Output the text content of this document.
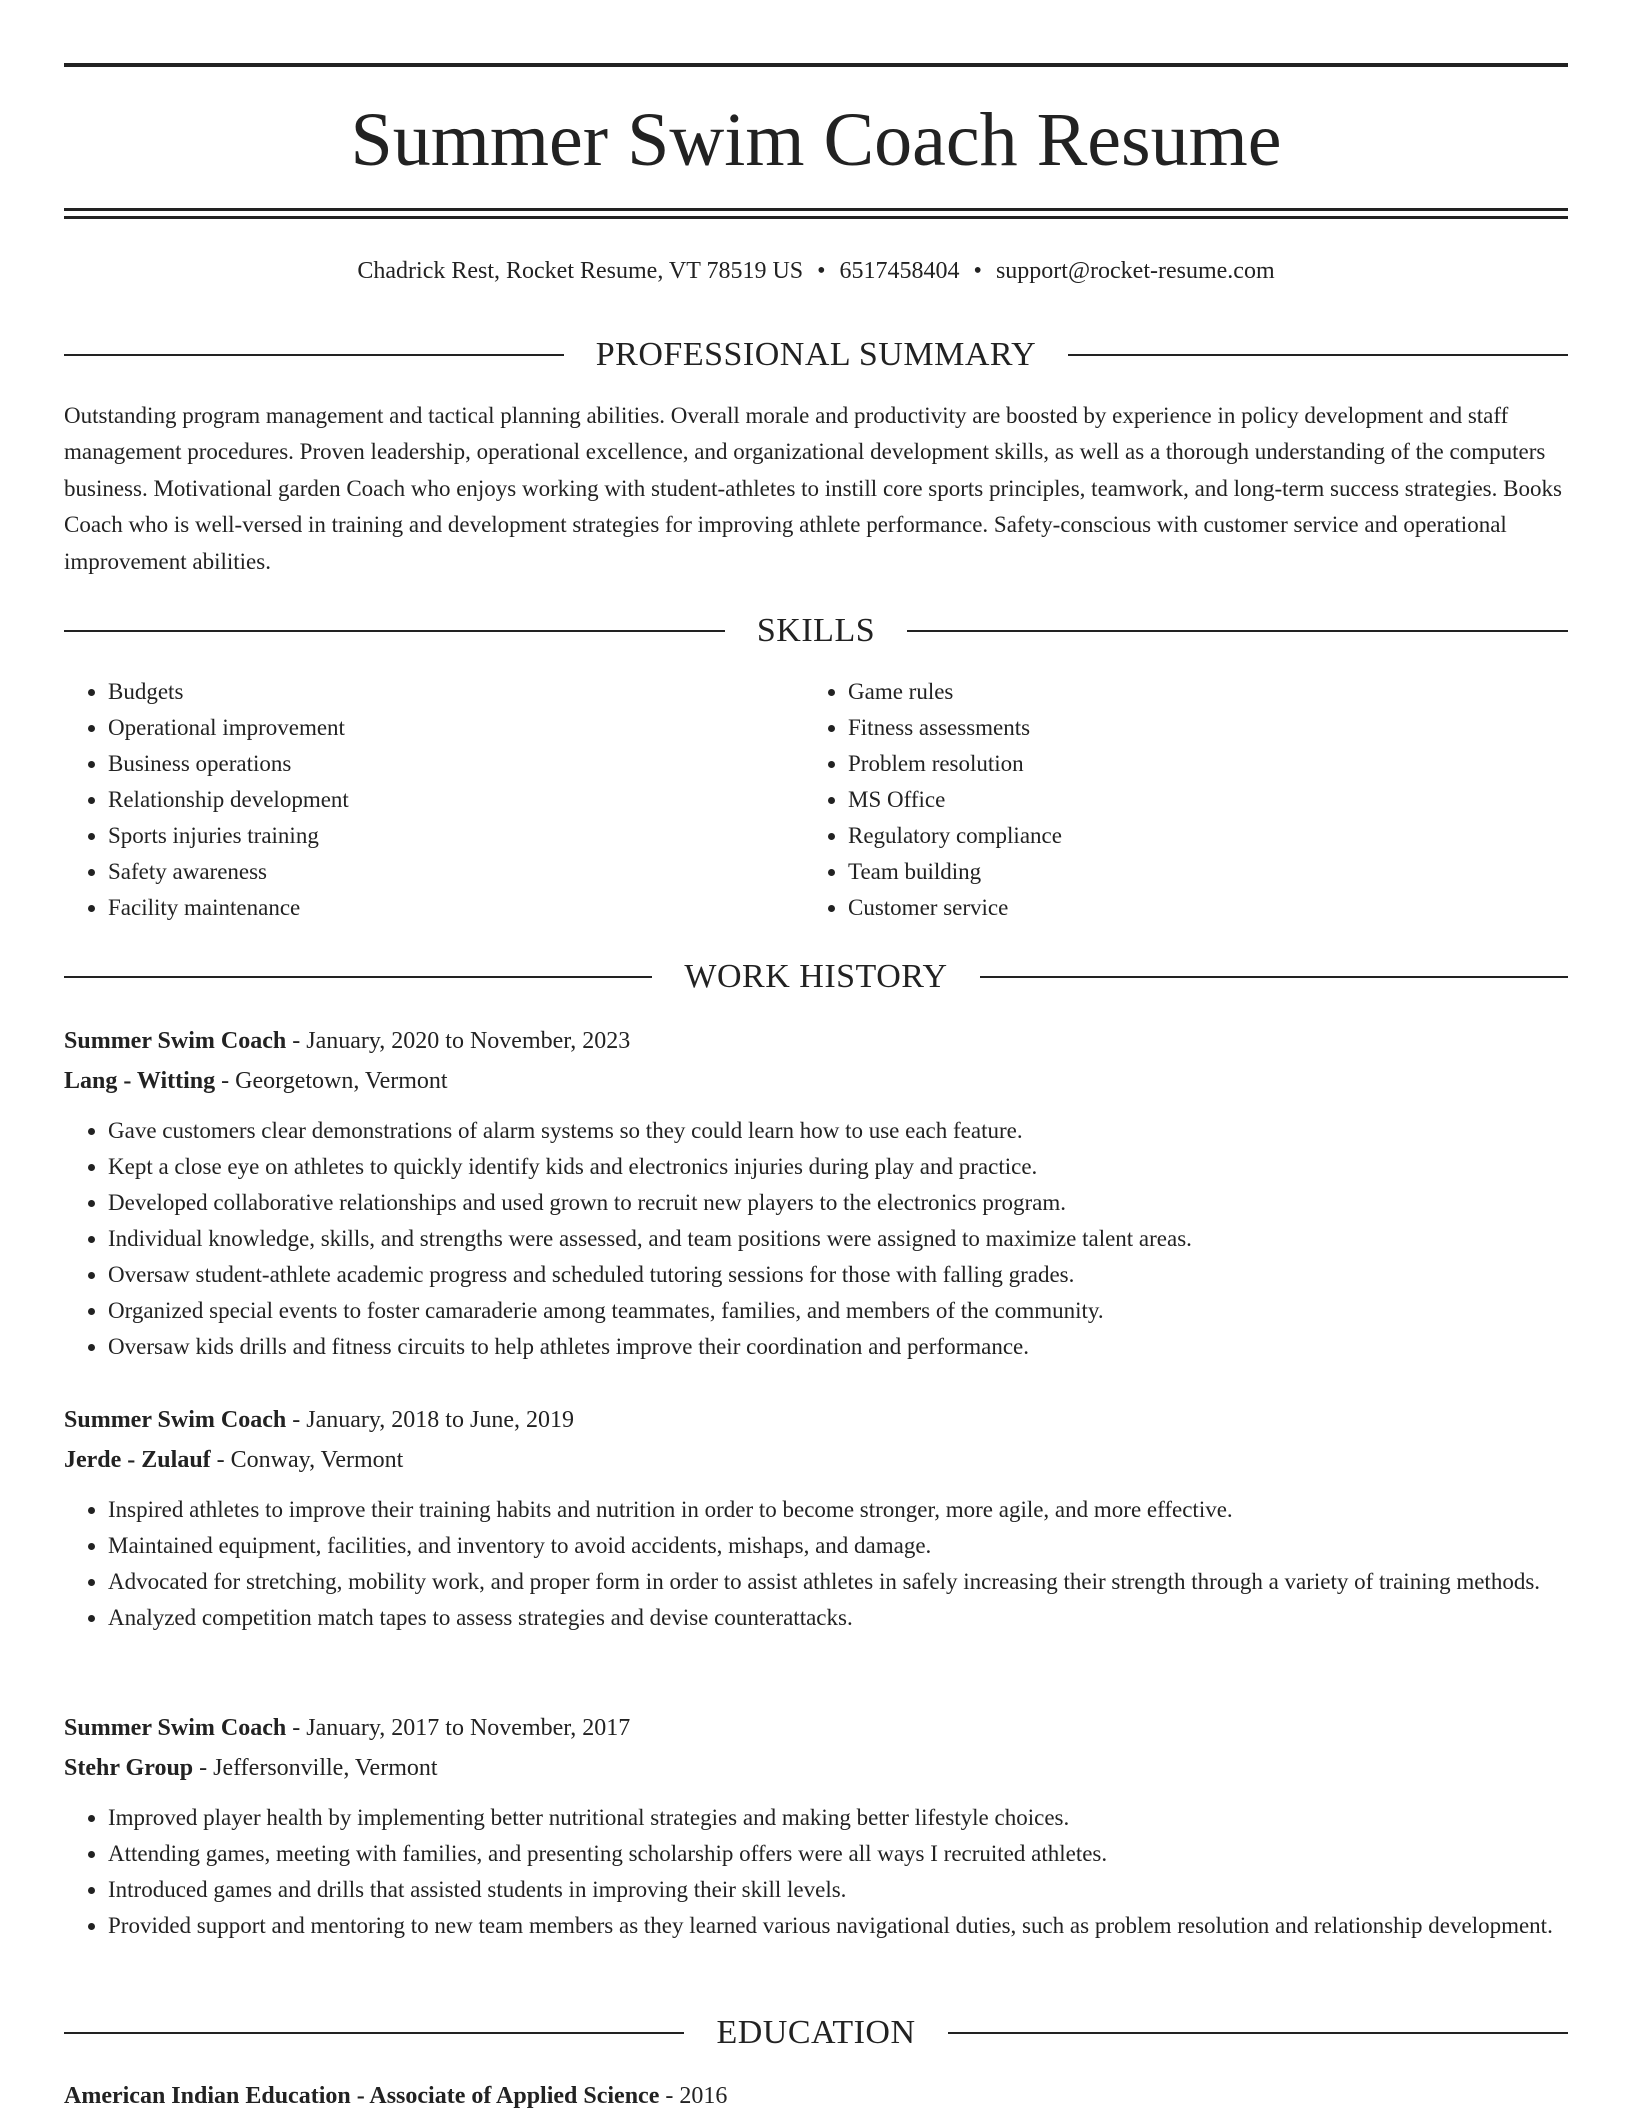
Summer Swim Coach Resume
Chadrick Rest, Rocket Resume, VT 78519 US • 6517458404 • support@rocket-resume.com
PROFESSIONAL SUMMARY

Outstanding program management and tactical planning abilities. Overall morale and productivity are boosted by experience in policy development and staff management procedures. Proven leadership, operational excellence, and organizational development skills, as well as a thorough understanding of the computers business. Motivational garden Coach who enjoys working with student-athletes to instill core sports principles, teamwork, and long-term success strategies. Books Coach who is well-versed in training and development strategies for improving athlete performance. Safety-conscious with customer service and operational improvement abilities.

SKILLS
• Budgets
• Operational improvement
• Business operations
• Relationship development
• Sports injuries training
• Safety awareness
• Facility maintenance
• Game rules
• Fitness assessments
• Problem resolution
• MS Office
• Regulatory compliance
• Team building
• Customer service
WORK HISTORY
Summer Swim Coach - January, 2020 to November, 2023
Lang - Witting - Georgetown, Vermont
• Gave customers clear demonstrations of alarm systems so they could learn how to use each feature.
• Kept a close eye on athletes to quickly identify kids and electronics injuries during play and practice.
• Developed collaborative relationships and used grown to recruit new players to the electronics program.
• Individual knowledge, skills, and strengths were assessed, and team positions were assigned to maximize talent areas.
• Oversaw student-athlete academic progress and scheduled tutoring sessions for those with falling grades.
• Organized special events to foster camaraderie among teammates, families, and members of the community.
• Oversaw kids drills and fitness circuits to help athletes improve their coordination and performance.
Summer Swim Coach - January, 2018 to June, 2019
Jerde - Zulauf - Conway, Vermont
• Inspired athletes to improve their training habits and nutrition in order to become stronger, more agile, and more effective.
• Maintained equipment, facilities, and inventory to avoid accidents, mishaps, and damage.
• Advocated for stretching, mobility work, and proper form in order to assist athletes in safely increasing their strength through a variety of training methods.
• Analyzed competition match tapes to assess strategies and devise counterattacks.
Summer Swim Coach - January, 2017 to November, 2017
Stehr Group - Jeffersonville, Vermont
• Improved player health by implementing better nutritional strategies and making better lifestyle choices.
• Attending games, meeting with families, and presenting scholarship offers were all ways I recruited athletes.
• Introduced games and drills that assisted students in improving their skill levels.
• Provided support and mentoring to new team members as they learned various navigational duties, such as problem resolution and relationship development.
EDUCATION
American Indian Education - Associate of Applied Science - 2016
